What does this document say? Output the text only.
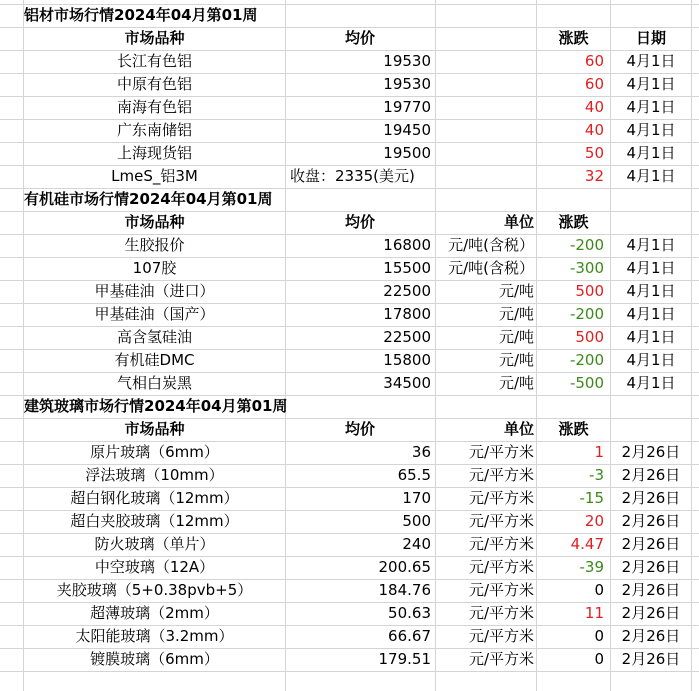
铝材市场行情2024年04月第01周
市场品种	均价	涨跌	日期
长江有色铝	19530	60	4月1日
中原有色铝	19530	60	4月1日
南海有色铝	19770	40	4月1日
广东南储铝	19450	40	4月1日
上海现货铝	19500	50	4月1日
LmeS_铝3M	收盘：2335(美元)	32	4月1日
有机硅市场行情2024年04月第01周
市场品种	均价	单位	涨跌
生胶报价	16800	元/吨(含税）	-200	4月1日
107胶	15500	元/吨(含税）	-300	4月1日
甲基硅油（进口）	22500	元/吨	500	4月1日
甲基硅油（国产）	17800	元/吨	-200	4月1日
高含氢硅油	22500	元/吨	500	4月1日
有机硅DMC	15800	元/吨	-200	4月1日
气相白炭黑	34500	元/吨	-500	4月1日
建筑玻璃市场行情2024年04月第01周
市场品种	均价	单位	涨跌
原片玻璃（6mm）	36	元/平方米	1	2月26日
浮法玻璃（10mm）	65.5	元/平方米	-3	2月26日
超白钢化玻璃（12mm）	170	元/平方米	-15	2月26日
超白夹胶玻璃（12mm）	500	元/平方米	20	2月26日
防火玻璃（单片）	240	元/平方米	4.47	2月26日
中空玻璃（12A）	200.65	元/平方米	-39	2月26日
夹胶玻璃（5+0.38pvb+5）	184.76	元/平方米	0	2月26日
超薄玻璃（2mm）	50.63	元/平方米	11	2月26日
太阳能玻璃（3.2mm）	66.67	元/平方米	0	2月26日
镀膜玻璃（6mm）	179.51	元/平方米	0	2月26日
